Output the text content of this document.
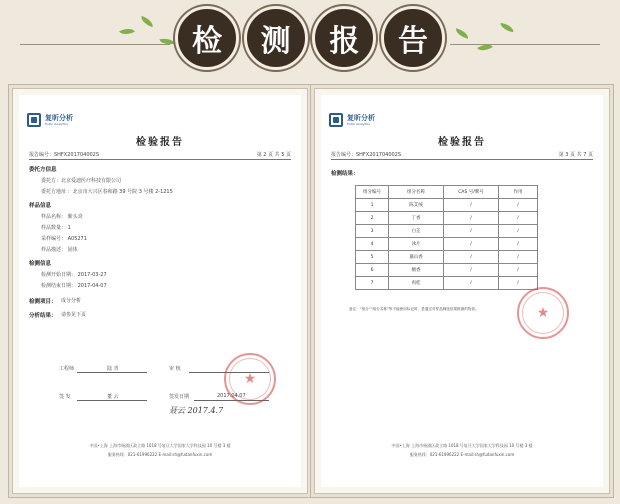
检	测	报	告
复昕分析
FuXin Analytics
检验报告
报告编号：SHFX201704002S	第 2 页 共 5 页
委托方信息
委托方：北京爱迪医疗科技有限公司
委托方地址 ：北京市大兴区春和路 39 号院 3 号楼 2-1215
样品信息
样品名称： 紫头炎
样品数量： 1
采样编号： A05271
样品描述： 固体
检测信息
检测开始日期： 2017-03-27
检测结束日期： 2017-04-07
检测项目： 成分分析
分析结果： 请参见下页
工程师	陆 青	审 核
签 发	董 云	签发日期	2017.04.07
聂云 2017.4.7
★
中国•上海 上海市杨浦区政立路 1018 号复旦大学国家大学科技园 10 号楼 3 楼
服务热线：021-61996222 E-mail:sh@fudanfuxin.com
复昕分析
FuXin Analytics
检验报告
报告编号：SHFX201704002S	第 3 页 共 7 页
检测结果：
组分编号	组分名称	CAS 号/牌号	作用
1	陈艾绒	/	/
2	丁香	/	/
3	白芷	/	/
4	冰片	/	/
5	藁山香	/	/
6	檀香	/	/
7	肉桂	/	/
备注：“组分”“组分名称”等不能使用标记时，是通过对样品筛选结果推测的物质。	★
中国•上海 上海市杨浦区政立路 1018 号复旦大学国家大学科技园 10 号楼 3 楼
服务热线：021-61996222 E-mail:sh@fudanfuxin.com
